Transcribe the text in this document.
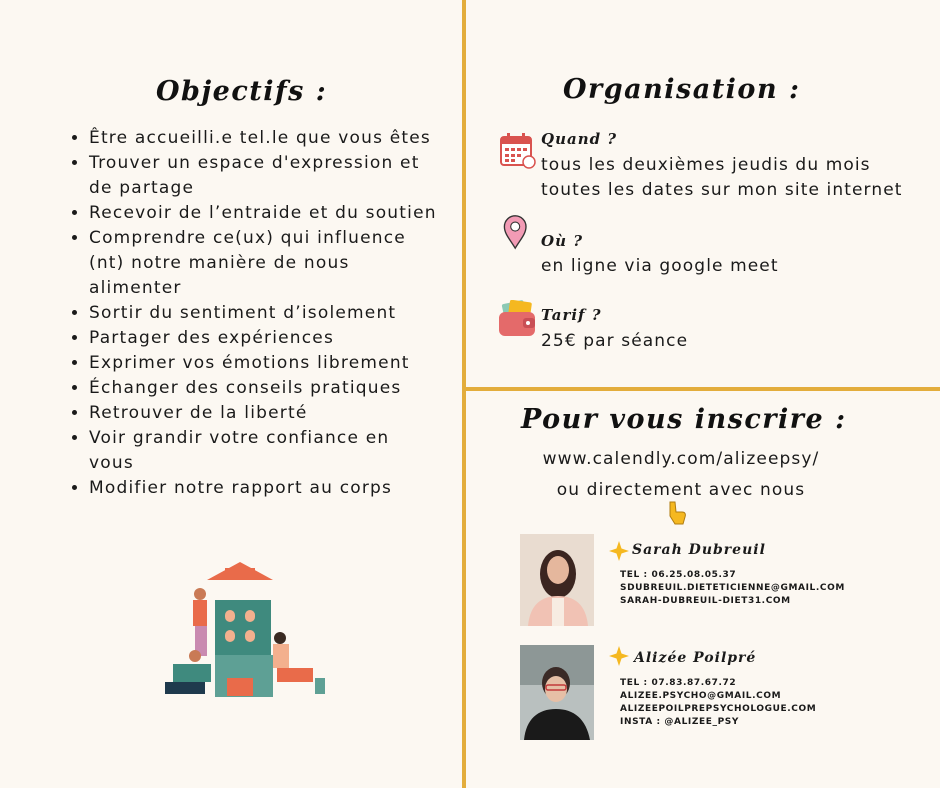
Objectifs :
• Être accueilli.e tel.le que vous êtes
• Trouver un espace d'expression et de partage
• Recevoir de l’entraide et du soutien
• Comprendre ce(ux) qui influence (nt) notre manière de nous alimenter
• Sortir du sentiment d’isolement
• Partager des expériences
• Exprimer vos émotions librement
• Échanger des conseils pratiques
• Retrouver de la liberté
• Voir grandir votre confiance en vous
• Modifier notre rapport au corps
Organisation :
Quand ?
tous les deuxièmes jeudis du mois
toutes les dates sur mon site internet
Où ?
en ligne via google meet
Tarif ?
25€ par séance
Pour vous inscrire :
www.calendly.com/alizeepsy/
ou directement avec nous
Sarah Dubreuil
TEL : 06.25.08.05.37
SDUBREUIL.DIETETICIENNE@GMAIL.COM
SARAH-DUBREUIL-DIET31.COM
Alizée Poilpré
TEL : 07.83.87.67.72
ALIZEE.PSYCHO@GMAIL.COM
ALIZEEPOILPREPSYCHOLOGUE.COM
INSTA : @ALIZEE_PSY
